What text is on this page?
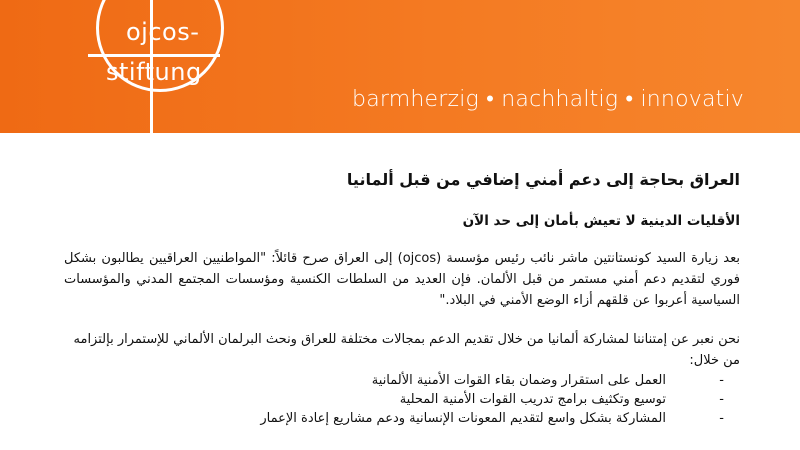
ojcos-
stiftung
barmherzig • nachhaltig • innovativ
العراق بحاجة إلى دعم أمني إضافي من قبل ألمانيا
الأقليات الدينية لا تعيش بأمان إلى حد الآن

بعد زيارة السيد كونستانتين ماشر نائب رئيس مؤسسة (ojcos) إلى العراق صرح قائلاً: "المواطنيين العراقيين يطالبون بشكل فوري لتقديم دعم أمني مستمر من قبل الألمان. فإن العديد من السلطات الكنسية ومؤسسات المجتمع المدني والمؤسسات السياسية أعربوا عن قلقهم أزاء الوضع الأمني في البلاد."

نحن نعبر عن إمتناننا لمشاركة ألمانيا من خلال تقديم الدعم بمجالات مختلفة للعراق ونحث البرلمان الألماني للإستمرار بإلتزامه من خلال:

-
العمل على استقرار وضمان بقاء القوات الأمنية الألمانية
-
توسيع وتكثيف برامج تدريب القوات الأمنية المحلية
-
المشاركة بشكل واسع لتقديم المعونات الإنسانية ودعم مشاريع إعادة الإعمار
